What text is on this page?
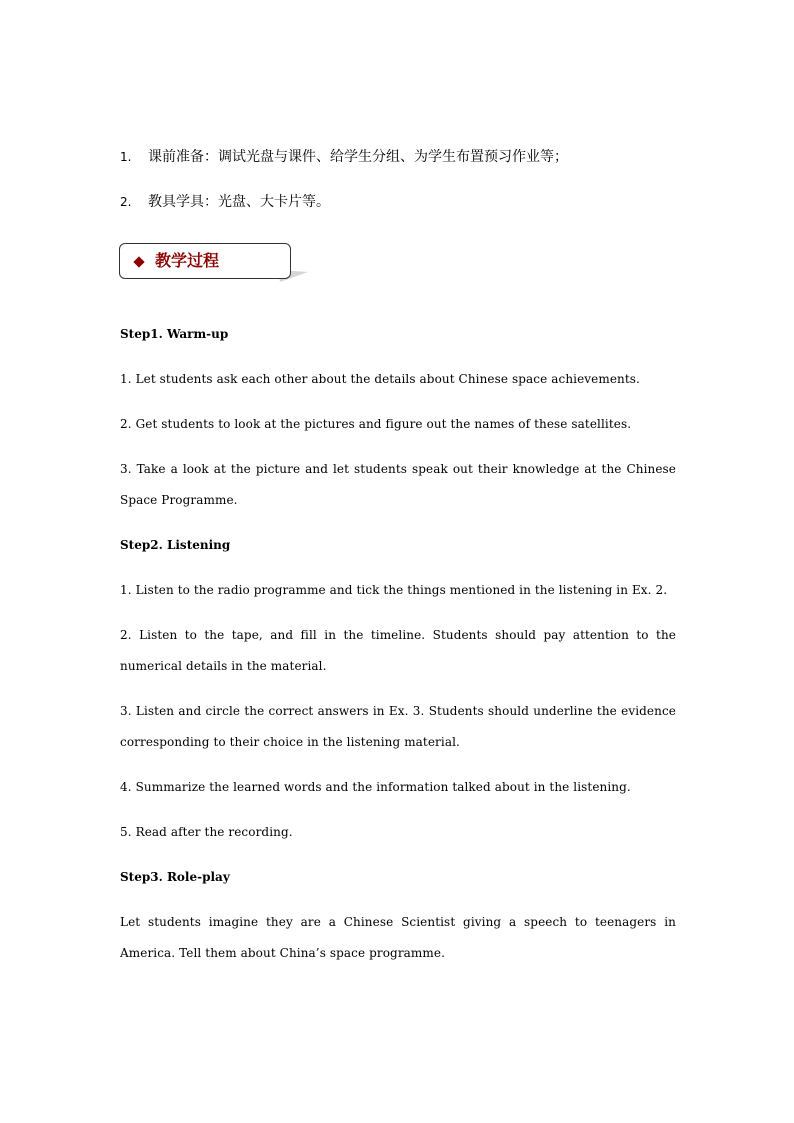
1. 课前准备：调试光盘与课件、给学生分组、为学生布置预习作业等；
2. 教具学具：光盘、大卡片等。
教学过程
Step1. Warm-up
1. Let students ask each other about the details about Chinese space achievements.
2. Get students to look at the pictures and figure out the names of these satellites.
3. Take a look at the picture and let students speak out their knowledge at the Chinese Space Programme.
Step2. Listening
1. Listen to the radio programme and tick the things mentioned in the listening in Ex. 2.
2. Listen to the tape, and fill in the timeline. Students should pay attention to the numerical details in the material.
3. Listen and circle the correct answers in Ex. 3. Students should underline the evidence corresponding to their choice in the listening material.
4. Summarize the learned words and the information talked about in the listening.
5. Read after the recording.
Step3. Role-play
Let students imagine they are a Chinese Scientist giving a speech to teenagers in America. Tell them about China’s space programme.
